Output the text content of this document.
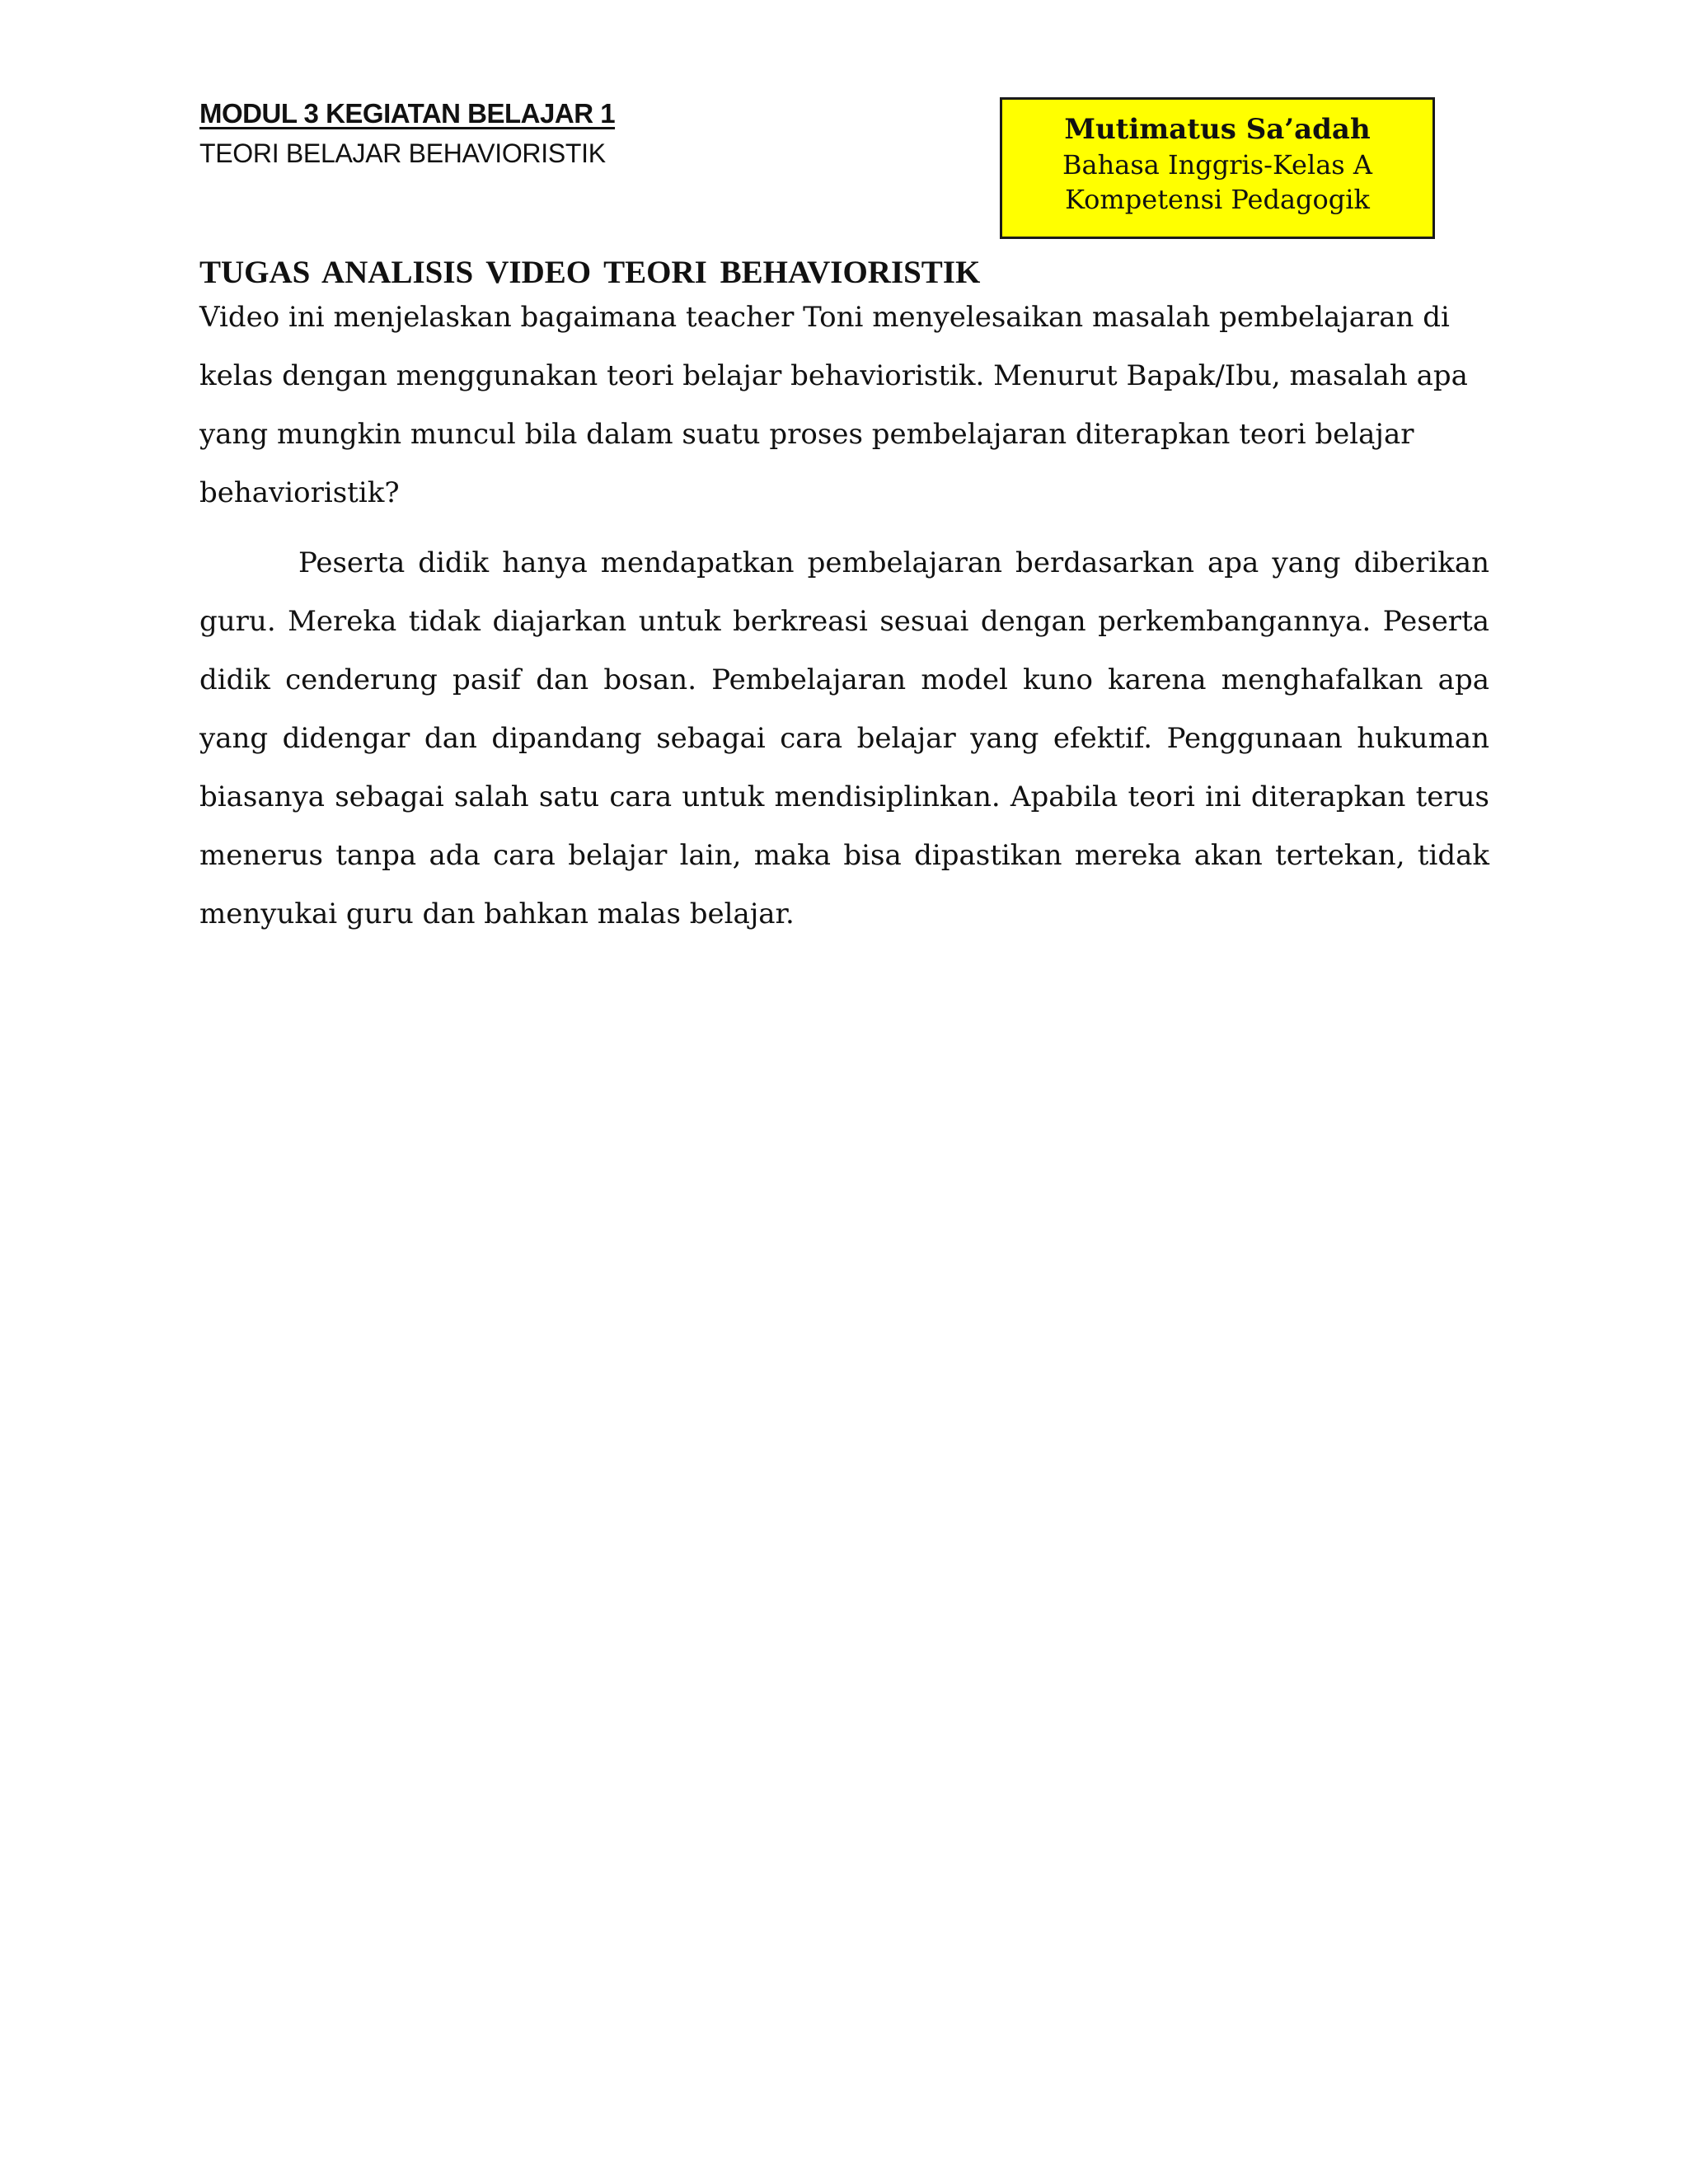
MODUL 3 KEGIATAN BELAJAR 1
TEORI BELAJAR BEHAVIORISTIK
Mutimatus Sa’adah
Bahasa Inggris-Kelas A
Kompetensi Pedagogik
TUGAS ANALISIS VIDEO TEORI BEHAVIORISTIK
Video ini menjelaskan bagaimana teacher Toni menyelesaikan masalah pembelajaran di kelas dengan menggunakan teori belajar behavioristik. Menurut Bapak/Ibu, masalah apa yang mungkin muncul bila dalam suatu proses pembelajaran diterapkan teori belajar behavioristik?
Peserta didik hanya mendapatkan pembelajaran berdasarkan apa yang diberikan guru. Mereka tidak diajarkan untuk berkreasi sesuai dengan perkembangannya. Peserta didik cenderung pasif dan bosan. Pembelajaran model kuno karena menghafalkan apa yang didengar dan dipandang sebagai cara belajar yang efektif. Penggunaan hukuman biasanya sebagai salah satu cara untuk mendisiplinkan. Apabila teori ini diterapkan terus menerus tanpa ada cara belajar lain, maka bisa dipastikan mereka akan tertekan, tidak menyukai guru dan bahkan malas belajar.
